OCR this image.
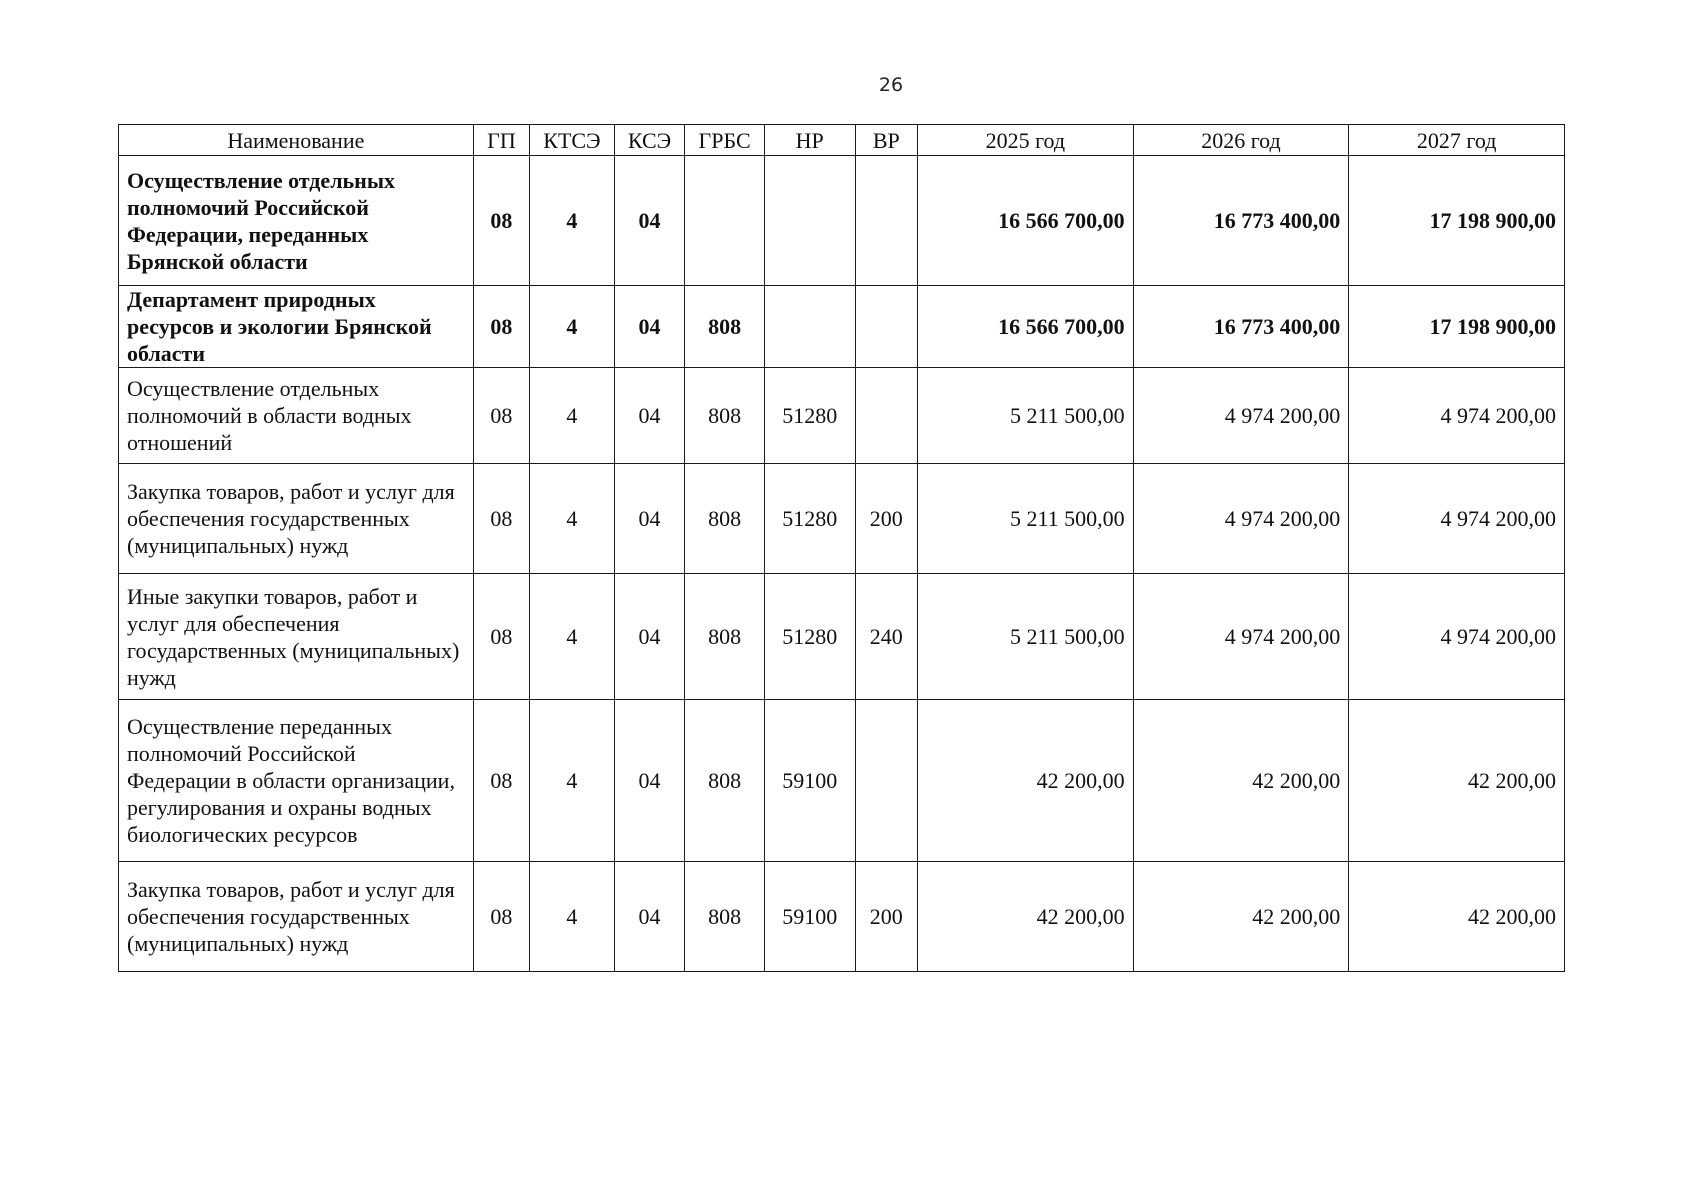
26
Наименование	ГП	КТСЭ	КСЭ	ГРБС	НР	ВР	2025 год	2026 год	2027 год
Осуществление отдельных полномочий Российской Федерации, переданных Брянской области	08	4	04				16 566 700,00	16 773 400,00	17 198 900,00
Департамент природных ресурсов и экологии Брянской области	08	4	04	808			16 566 700,00	16 773 400,00	17 198 900,00
Осуществление отдельных полномочий в области водных отношений	08	4	04	808	51280		5 211 500,00	4 974 200,00	4 974 200,00
Закупка товаров, работ и услуг для обеспечения государственных (муниципальных) нужд	08	4	04	808	51280	200	5 211 500,00	4 974 200,00	4 974 200,00
Иные закупки товаров, работ и услуг для обеспечения государственных (муниципальных) нужд	08	4	04	808	51280	240	5 211 500,00	4 974 200,00	4 974 200,00
Осуществление переданных полномочий Российской Федерации в области организации, регулирования и охраны водных биологических ресурсов	08	4	04	808	59100		42 200,00	42 200,00	42 200,00
Закупка товаров, работ и услуг для обеспечения государственных (муниципальных) нужд	08	4	04	808	59100	200	42 200,00	42 200,00	42 200,00
